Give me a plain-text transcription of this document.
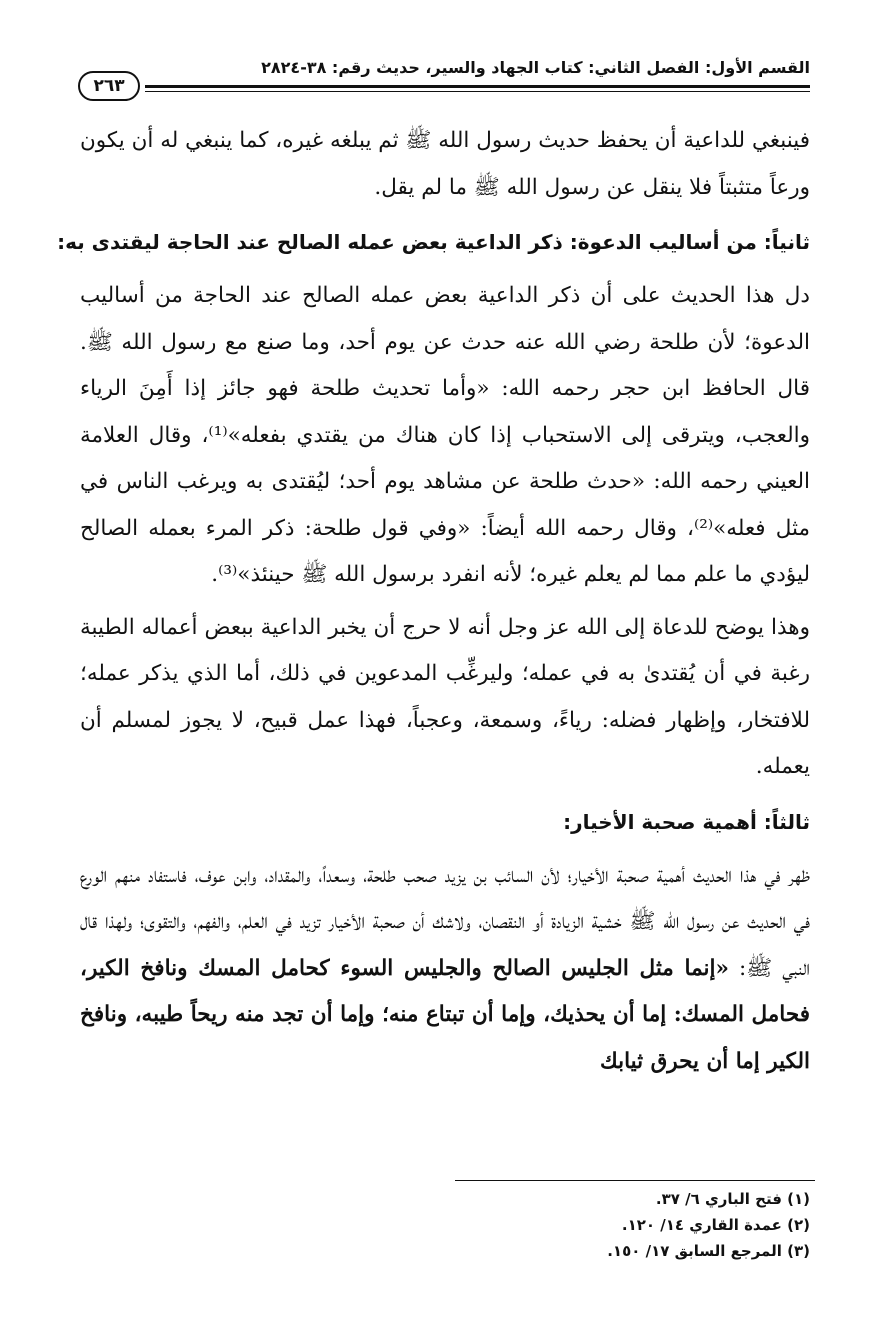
القسم الأول: الفصل الثاني: كتاب الجهاد والسير، حديث رقم: ٣٨-٢٨٢٤
٢٦٣

فينبغي للداعية أن يحفظ حديث رسول الله ﷺ ثم يبلغه غيره، كما ينبغي له أن يكون ورعاً متثبتاً فلا ينقل عن رسول الله ﷺ ما لم يقل.

ثانياً: من أساليب الدعوة: ذكر الداعية بعض عمله الصالح عند الحاجة ليقتدى به:

دل هذا الحديث على أن ذكر الداعية بعض عمله الصالح عند الحاجة من أساليب الدعوة؛ لأن طلحة رضي الله عنه حدث عن يوم أحد، وما صنع مع رسول الله ﷺ. قال الحافظ ابن حجر رحمه الله: «وأما تحديث طلحة فهو جائز إذا أَمِنَ الرياء والعجب، ويترقى إلى الاستحباب إذا كان هناك من يقتدي بفعله»⁽¹⁾، وقال العلامة العيني رحمه الله: «حدث طلحة عن مشاهد يوم أحد؛ ليُقتدى به ويرغب الناس في مثل فعله»⁽²⁾، وقال رحمه الله أيضاً: «وفي قول طلحة: ذكر المرء بعمله الصالح ليؤدي ما علم مما لم يعلم غيره؛ لأنه انفرد برسول الله ﷺ حينئذ»⁽³⁾.

وهذا يوضح للدعاة إلى الله عز وجل أنه لا حرج أن يخبر الداعية ببعض أعماله الطيبة رغبة في أن يُقتدىٰ به في عمله؛ وليرغِّب المدعوين في ذلك، أما الذي يذكر عمله؛ للافتخار، وإظهار فضله: رياءً، وسمعة، وعجباً، فهذا عمل قبيح، لا يجوز لمسلم أن يعمله.

ثالثاً: أهمية صحبة الأخيار:

ظهر في هذا الحديث أهمية صحبة الأخيار؛ لأن السائب بن يزيد صحب طلحة، وسعداً، والمقداد، وابن عوف، فاستفاد منهم الورع في الحديث عن رسول الله ﷺ خشية الزيادة أو النقصان، ولاشك أن صحبة الأخيار تزيد في العلم، والفهم، والتقوى؛ ولهذا قال النبي ﷺ: «إنما مثل الجليس الصالح والجليس السوء كحامل المسك ونافخ الكير، فحامل المسك: إما أن يحذيك، وإما أن تبتاع منه؛ وإما أن تجد منه ريحاً طيبه، ونافخ الكير إما أن يحرق ثيابك

(١) فتح الباري ٦/ ٣٧.
(٢) عمدة القاري ١٤/ ١٢٠.
(٣) المرجع السابق ١٧/ ١٥٠.
